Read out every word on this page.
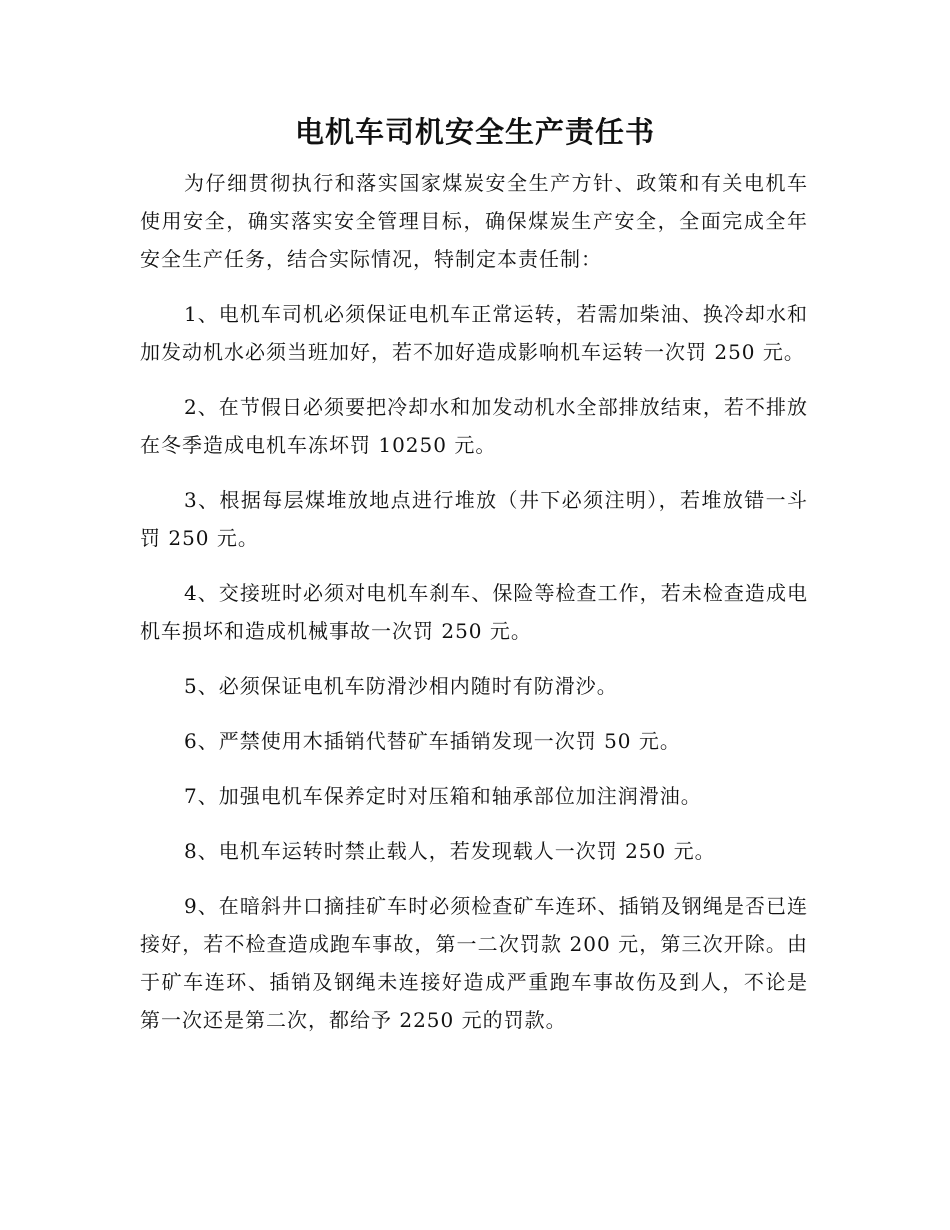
电机车司机安全生产责任书

为仔细贯彻执行和落实国家煤炭安全生产方针、政策和有关电机车使用安全，确实落实安全管理目标，确保煤炭生产安全，全面完成全年安全生产任务，结合实际情况，特制定本责任制：

1、电机车司机必须保证电机车正常运转，若需加柴油、换冷却水和加发动机水必须当班加好，若不加好造成影响机车运转一次罚 250 元。

2、在节假日必须要把冷却水和加发动机水全部排放结束，若不排放在冬季造成电机车冻坏罚 10250 元。

3、根据每层煤堆放地点进行堆放（井下必须注明），若堆放错一斗罚 250 元。

4、交接班时必须对电机车刹车、保险等检查工作，若未检查造成电机车损坏和造成机械事故一次罚 250 元。

5、必须保证电机车防滑沙相内随时有防滑沙。

6、严禁使用木插销代替矿车插销发现一次罚 50 元。

7、加强电机车保养定时对压箱和轴承部位加注润滑油。

8、电机车运转时禁止载人，若发现载人一次罚 250 元。

9、在暗斜井口摘挂矿车时必须检查矿车连环、插销及钢绳是否已连接好，若不检查造成跑车事故，第一二次罚款 200 元，第三次开除。由于矿车连环、插销及钢绳未连接好造成严重跑车事故伤及到人，不论是第一次还是第二次，都给予 2250 元的罚款。
